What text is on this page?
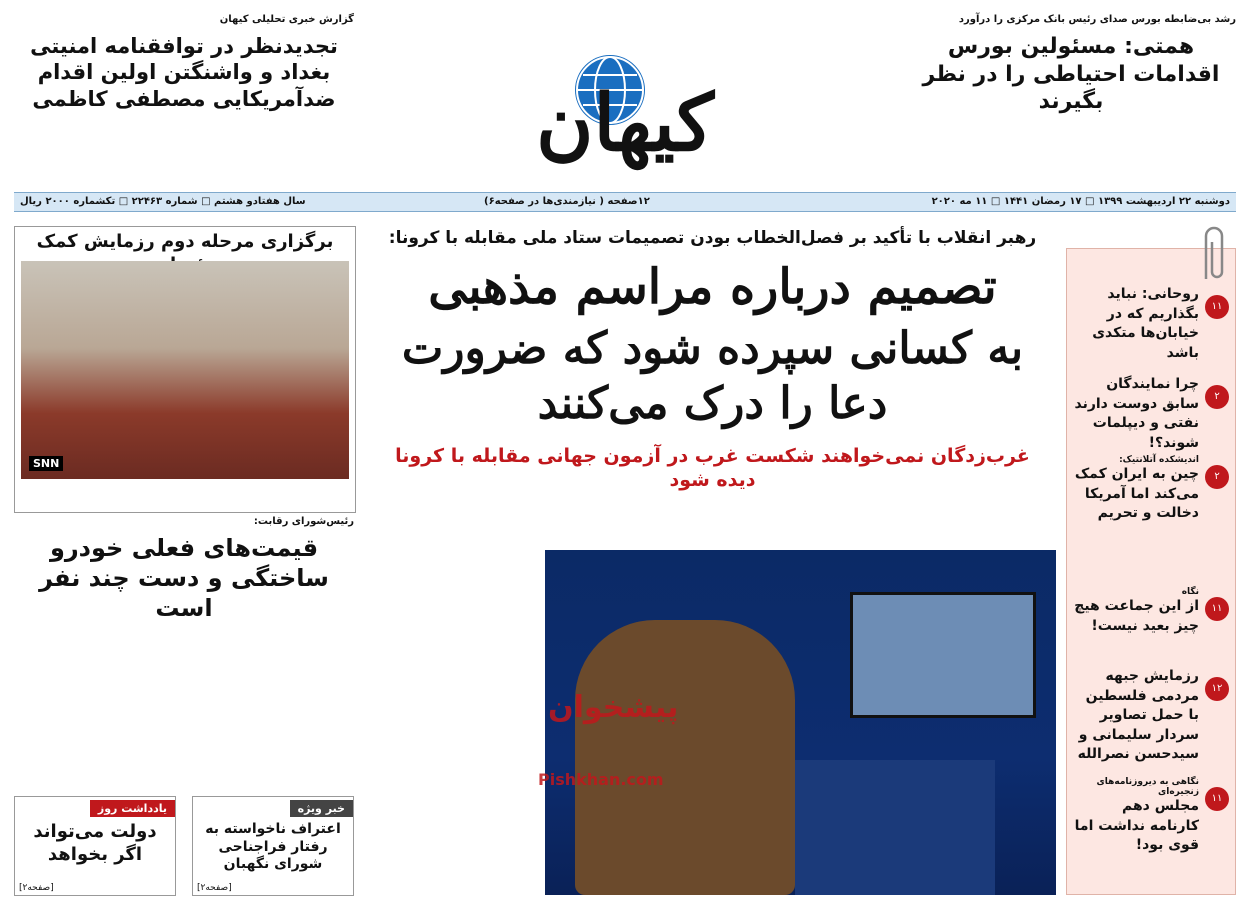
رشد بی‌ضابطه بورس صدای رئیس بانک مرکزی را درآورد
همتی: مسئولین بورس اقدامات احتیاطی را در نظر بگیرند
کیهان
گزارش خبری تحلیلی کیهان
تجدیدنظر در توافقنامه امنیتی بغداد و واشنگتن اولین اقدام ضدآمریکایی مصطفی کاظمی
دوشنبه ۲۲ اردیبهشت ۱۳۹۹ □ ۱۷ رمضان ۱۴۴۱ □ ۱۱ مه ۲۰۲۰
۱۲صفحه ( نیازمندی‌ها در صفحه۶)
سال هفتادو هشتم □ شماره ۲۲۴۶۳ □ تکشماره ۲۰۰۰ ریال
۱۱
روحانی: نباید بگذاریم که در خیابان‌ها متکدی باشد
۲
چرا نمایندگان سابق دوست دارند نفتی و دیپلمات شوند؟!
۲
اندیشکده آتلانتیک:
چین به ایران کمک می‌کند اما آمریکا دخالت و تحریم
۱۱
نگاه
از این جماعت هیچ چیز بعید نیست!
۱۲
رزمایش جبهه مردمی فلسطین با حمل تصاویر سردار سلیمانی و سیدحسن نصرالله
۱۱
نگاهی به دیروزنامه‌های زنجیره‌ای
مجلس دهم کارنامه نداشت اما قوی بود!
رهبر انقلاب با تأکید بر فصل‌الخطاب بودن تصمیمات ستاد ملی مقابله با کرونا:
تصمیم درباره مراسم مذهبی
به کسانی سپرده شود که ضرورت دعا را درک می‌کنند
غرب‌زدگان نمی‌خواهند شکست غرب در آزمون جهانی مقابله با کرونا دیده شود
پیشخوان
Pishkhan.com
برگزاری مرحله دوم رزمایش کمک
SNN
رئیس‌شورای رقابت:
قیمت‌های فعلی خودرو
ساختگی و دست چند نفر است
خبر ویژه
اعتراف ناخواسته به رفتار فراجناحی شورای نگهبان
[صفحه۲]
یادداشت روز
دولت می‌تواند اگر بخواهد
[صفحه۲]
